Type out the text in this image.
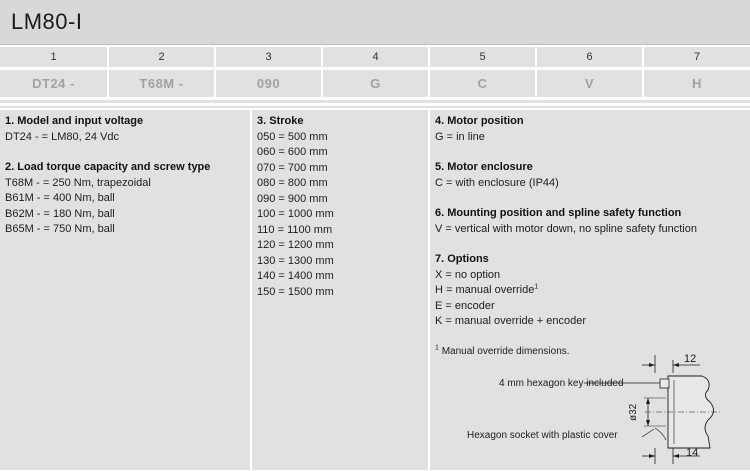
LM80-I
1	2	3	4	5	6	7
DT24 -	T68M -	090	G	C	V	H
1. Model and input voltage
DT24 - = LM80, 24 Vdc
2. Load torque capacity and screw type
T68M - = 250 Nm, trapezoidal
B61M - = 400 Nm, ball
B62M - = 180 Nm, ball
B65M - = 750 Nm, ball
3. Stroke
050 = 500 mm
060 = 600 mm
070 = 700 mm
080 = 800 mm
090 = 900 mm
100 = 1000 mm
110 = 1100 mm
120 = 1200 mm
130 = 1300 mm
140 = 1400 mm
150 = 1500 mm
4. Motor position
G = in line
5. Motor enclosure
C = with enclosure (IP44)
6. Mounting position and spline safety function
V = vertical with motor down, no spline safety function
7. Options
X = no option
H = manual override$^1$
E = encoder
K = manual override + encoder
$^1$ Manual override dimensions.
12
4 mm hexagon key included
ø32
Hexagon socket with plastic cover
14
